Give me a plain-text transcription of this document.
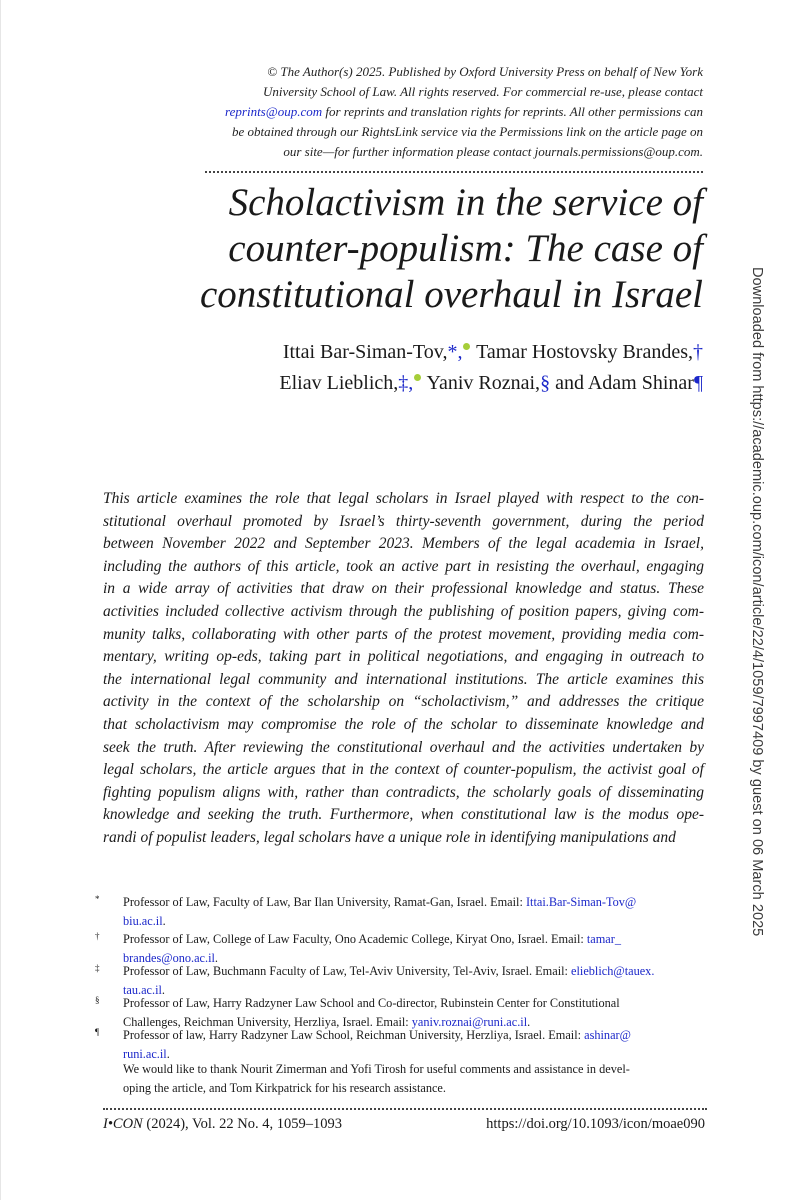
© The Author(s) 2025. Published by Oxford University Press on behalf of New York
University School of Law. All rights reserved. For commercial re-use, please contact
reprints@oup.com for reprints and translation rights for reprints. All other permissions can
be obtained through our RightsLink service via the Permissions link on the article page on
our site—for further information please contact journals.permissions@oup.com.
Scholactivism in the service of
counter-populism: The case of
constitutional overhaul in Israel
Ittai Bar-Siman-Tov,*, Tamar Hostovsky Brandes,†
Eliav Lieblich,‡, Yaniv Roznai,§ and Adam Shinar¶
This article examines the role that legal scholars in Israel played with respect to the con-
stitutional overhaul promoted by Israel’s thirty-seventh government, during the period
between November 2022 and September 2023. Members of the legal academia in Israel,
including the authors of this article, took an active part in resisting the overhaul, engaging
in a wide array of activities that draw on their professional knowledge and status. These
activities included collective activism through the publishing of position papers, giving com-
munity talks, collaborating with other parts of the protest movement, providing media com-
mentary, writing op-eds, taking part in political negotiations, and engaging in outreach to
the international legal community and international institutions. The article examines this
activity in the context of the scholarship on “scholactivism,” and addresses the critique
that scholactivism may compromise the role of the scholar to disseminate knowledge and
seek the truth. After reviewing the constitutional overhaul and the activities undertaken by
legal scholars, the article argues that in the context of counter-populism, the activist goal of
fighting populism aligns with, rather than contradicts, the scholarly goals of disseminating
knowledge and seeking the truth. Furthermore, when constitutional law is the modus ope-
randi of populist leaders, legal scholars have a unique role in identifying manipulations and
* Professor of Law, Faculty of Law, Bar Ilan University, Ramat-Gan, Israel. Email: Ittai.Bar-Siman-Tov@
biu.ac.il.
† Professor of Law, College of Law Faculty, Ono Academic College, Kiryat Ono, Israel. Email: tamar_
brandes@ono.ac.il.
‡ Professor of Law, Buchmann Faculty of Law, Tel-Aviv University, Tel-Aviv, Israel. Email: elieblich@tauex.
tau.ac.il.
§ Professor of Law, Harry Radzyner Law School and Co-director, Rubinstein Center for Constitutional
Challenges, Reichman University, Herzliya, Israel. Email: yaniv.roznai@runi.ac.il.
¶ Professor of law, Harry Radzyner Law School, Reichman University, Herzliya, Israel. Email: ashinar@
runi.ac.il.
We would like to thank Nourit Zimerman and Yofi Tirosh for useful comments and assistance in devel-
oping the article, and Tom Kirkpatrick for his research assistance.
I•CON (2024), Vol. 22 No. 4, 1059–1093	https://doi.org/10.1093/icon/moae090
Downloaded from https://academic.oup.com/icon/article/22/4/1059/7997409 by guest on 06 March 2025
